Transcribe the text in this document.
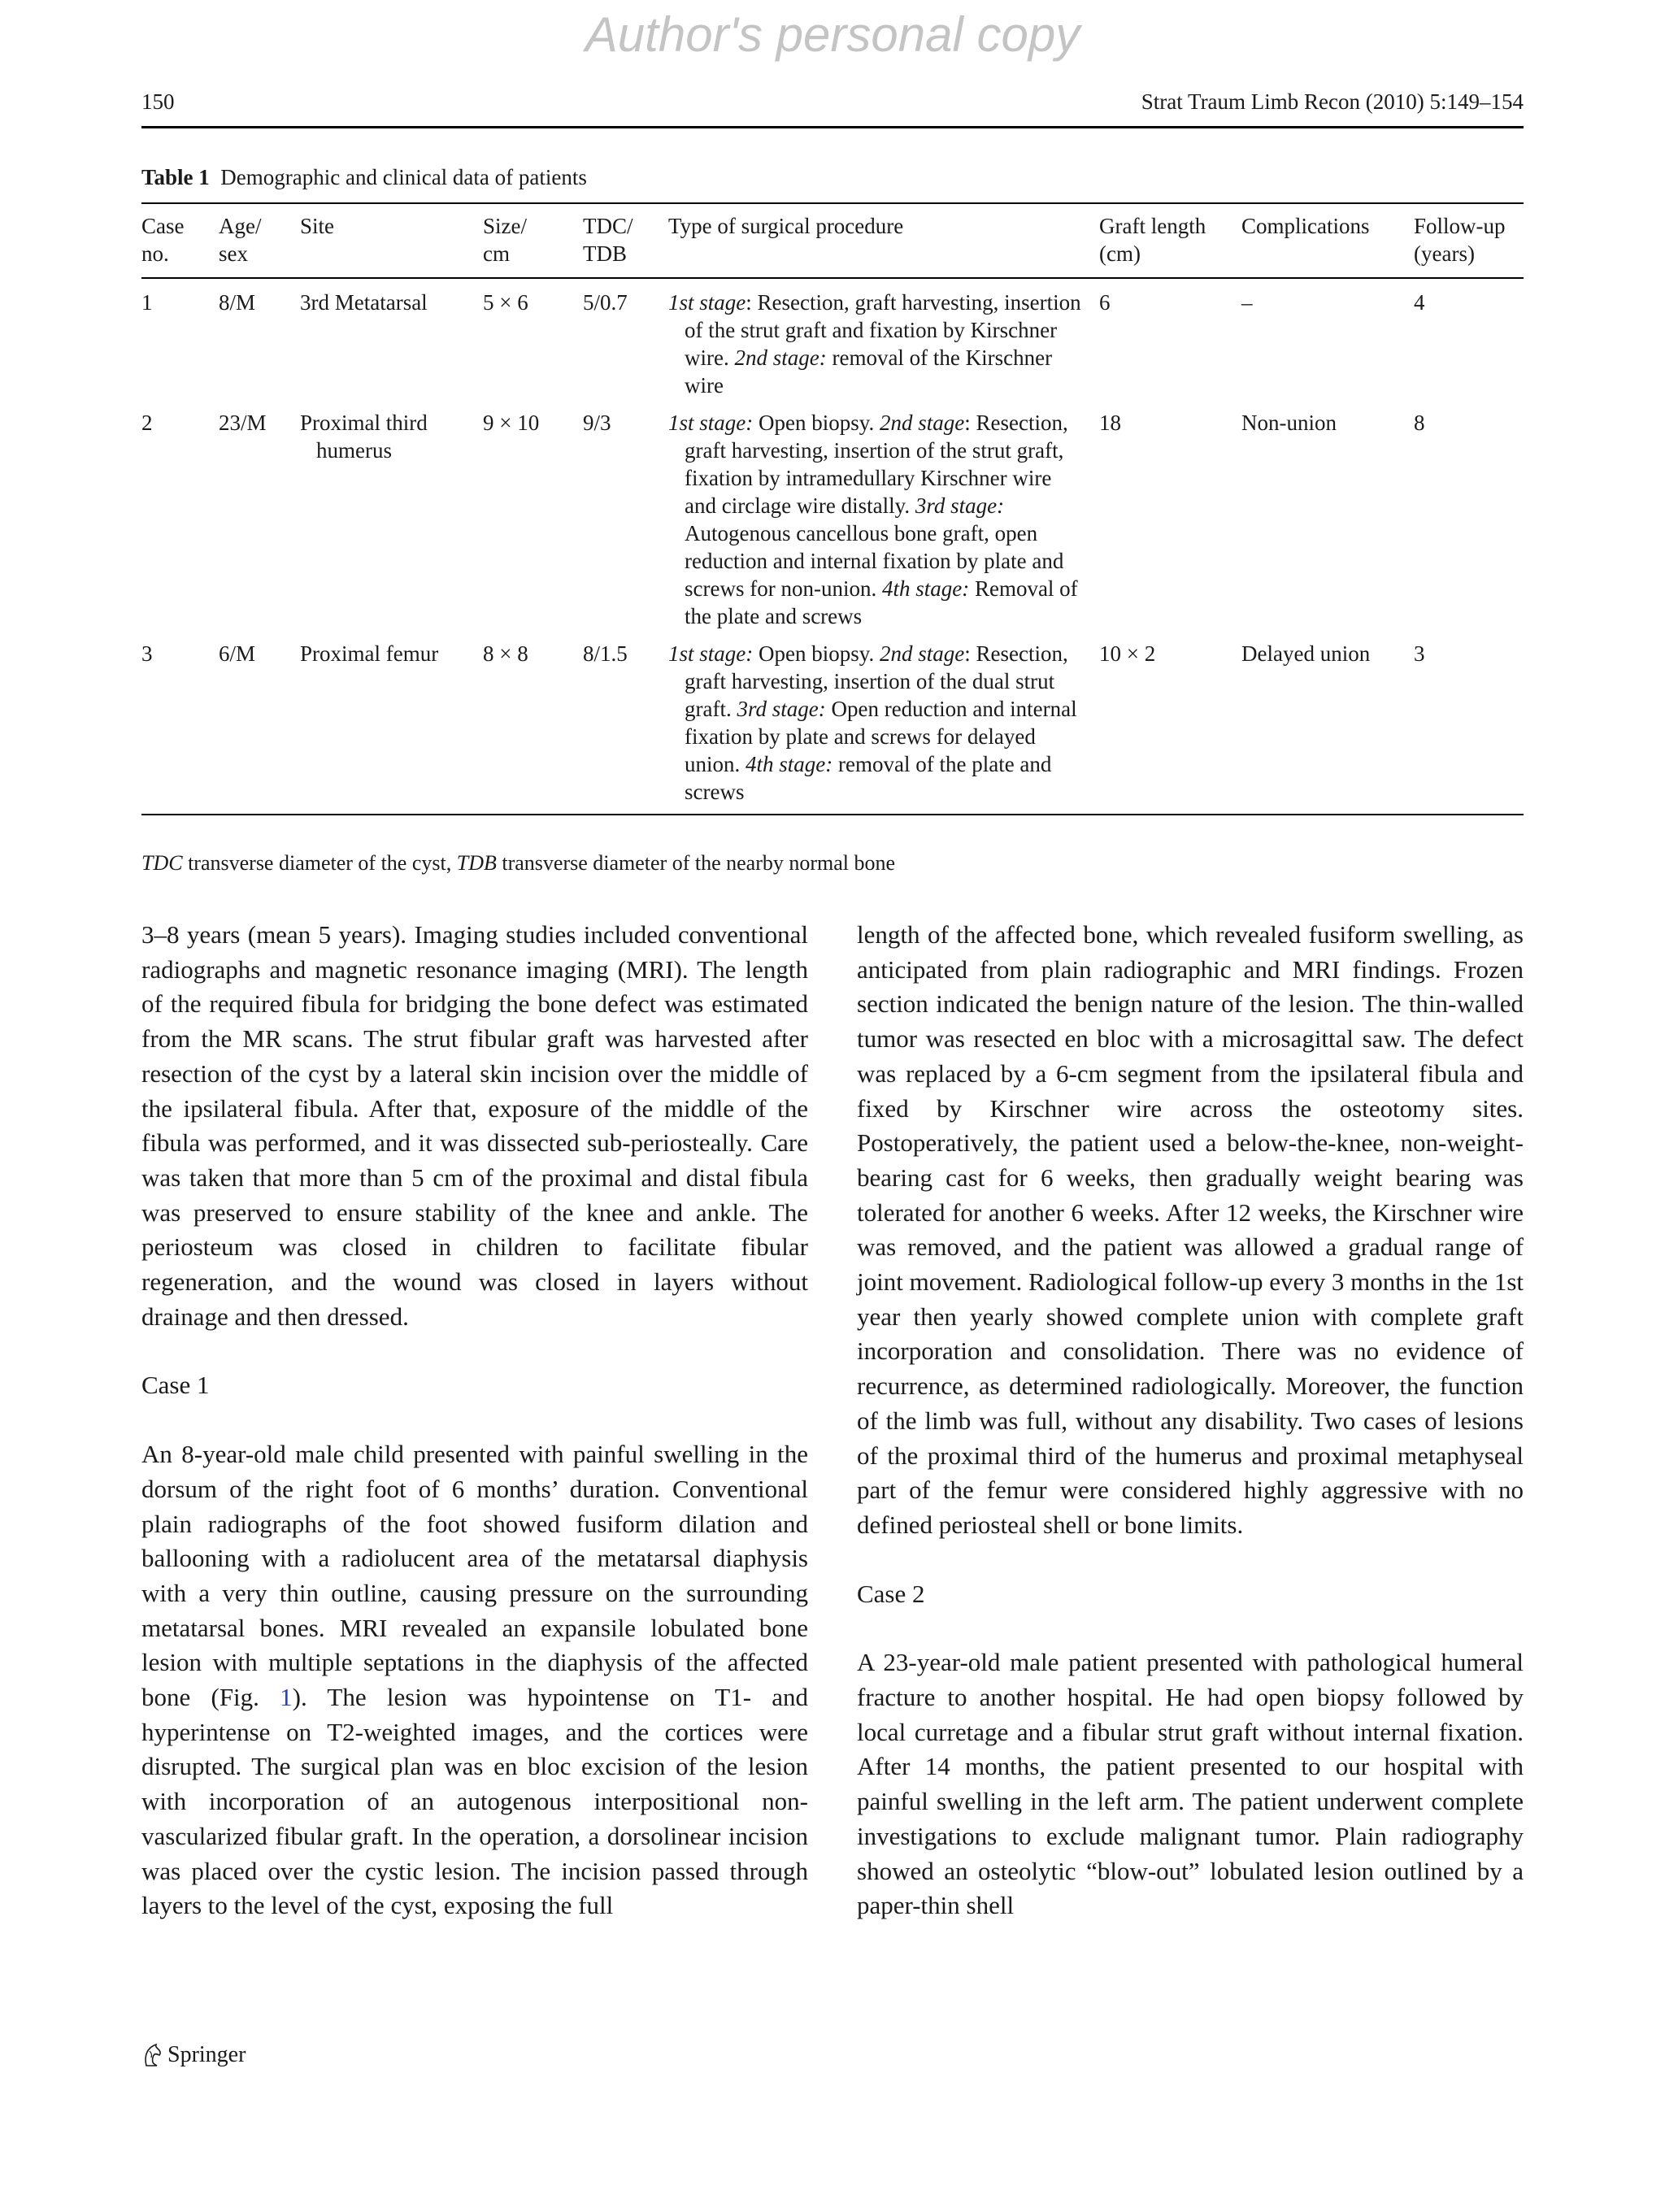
Author's personal copy
150	Strat Traum Limb Recon (2010) 5:149–154
Table 1 Demographic and clinical data of patients
Case no.	Age/ sex	Site	Size/ cm	TDC/ TDB	Type of surgical procedure	Graft length (cm)	Complications	Follow-up (years)
1	8/M	3rd Metatarsal	5 × 6	5/0.7	1st stage: Resection, graft harvesting, insertion of the strut graft and fixation by Kirschner wire. 2nd stage: removal of the Kirschner wire	6	–	4
2	23/M	Proximal third humerus	9 × 10	9/3	1st stage: Open biopsy. 2nd stage: Resection, graft harvesting, insertion of the strut graft, fixation by intramedullary Kirschner wire and circlage wire distally. 3rd stage: Autogenous cancellous bone graft, open reduction and internal fixation by plate and screws for non-union. 4th stage: Removal of the plate and screws	18	Non-union	8
3	6/M	Proximal femur	8 × 8	8/1.5	1st stage: Open biopsy. 2nd stage: Resection, graft harvesting, insertion of the dual strut graft. 3rd stage: Open reduction and internal fixation by plate and screws for delayed union. 4th stage: removal of the plate and screws	10 × 2	Delayed union	3
TDC transverse diameter of the cyst, TDB transverse diameter of the nearby normal bone

3–8 years (mean 5 years). Imaging studies included conventional radiographs and magnetic resonance imaging (MRI). The length of the required fibula for bridging the bone defect was estimated from the MR scans. The strut fibular graft was harvested after resection of the cyst by a lateral skin incision over the middle of the ipsilateral fibula. After that, exposure of the middle of the fibula was performed, and it was dissected sub-periosteally. Care was taken that more than 5 cm of the proximal and distal fibula was preserved to ensure stability of the knee and ankle. The periosteum was closed in children to facilitate fibular regeneration, and the wound was closed in layers without drainage and then dressed.

Case 1

An 8-year-old male child presented with painful swelling in the dorsum of the right foot of 6 months’ duration. Conventional plain radiographs of the foot showed fusiform dilation and ballooning with a radiolucent area of the metatarsal diaphysis with a very thin outline, causing pressure on the surrounding metatarsal bones. MRI revealed an expansile lobulated bone lesion with multiple septations in the diaphysis of the affected bone (Fig. 1). The lesion was hypointense on T1- and hyperintense on T2-weighted images, and the cortices were disrupted. The surgical plan was en bloc excision of the lesion with incorporation of an autogenous interpositional non-vascularized fibular graft. In the operation, a dorsolinear incision was placed over the cystic lesion. The incision passed through layers to the level of the cyst, exposing the full

length of the affected bone, which revealed fusiform swelling, as anticipated from plain radiographic and MRI findings. Frozen section indicated the benign nature of the lesion. The thin-walled tumor was resected en bloc with a microsagittal saw. The defect was replaced by a 6-cm segment from the ipsilateral fibula and fixed by Kirschner wire across the osteotomy sites. Postoperatively, the patient used a below-the-knee, non-weight-bearing cast for 6 weeks, then gradually weight bearing was tolerated for another 6 weeks. After 12 weeks, the Kirschner wire was removed, and the patient was allowed a gradual range of joint movement. Radiological follow-up every 3 months in the 1st year then yearly showed complete union with complete graft incorporation and consolidation. There was no evidence of recurrence, as determined radiologically. Moreover, the function of the limb was full, without any disability. Two cases of lesions of the proximal third of the humerus and proximal metaphyseal part of the femur were considered highly aggressive with no defined periosteal shell or bone limits.

Case 2

A 23-year-old male patient presented with pathological humeral fracture to another hospital. He had open biopsy followed by local curretage and a fibular strut graft without internal fixation. After 14 months, the patient presented to our hospital with painful swelling in the left arm. The patient underwent complete investigations to exclude malignant tumor. Plain radiography showed an osteolytic “blow-out” lobulated lesion outlined by a paper-thin shell

Springer
